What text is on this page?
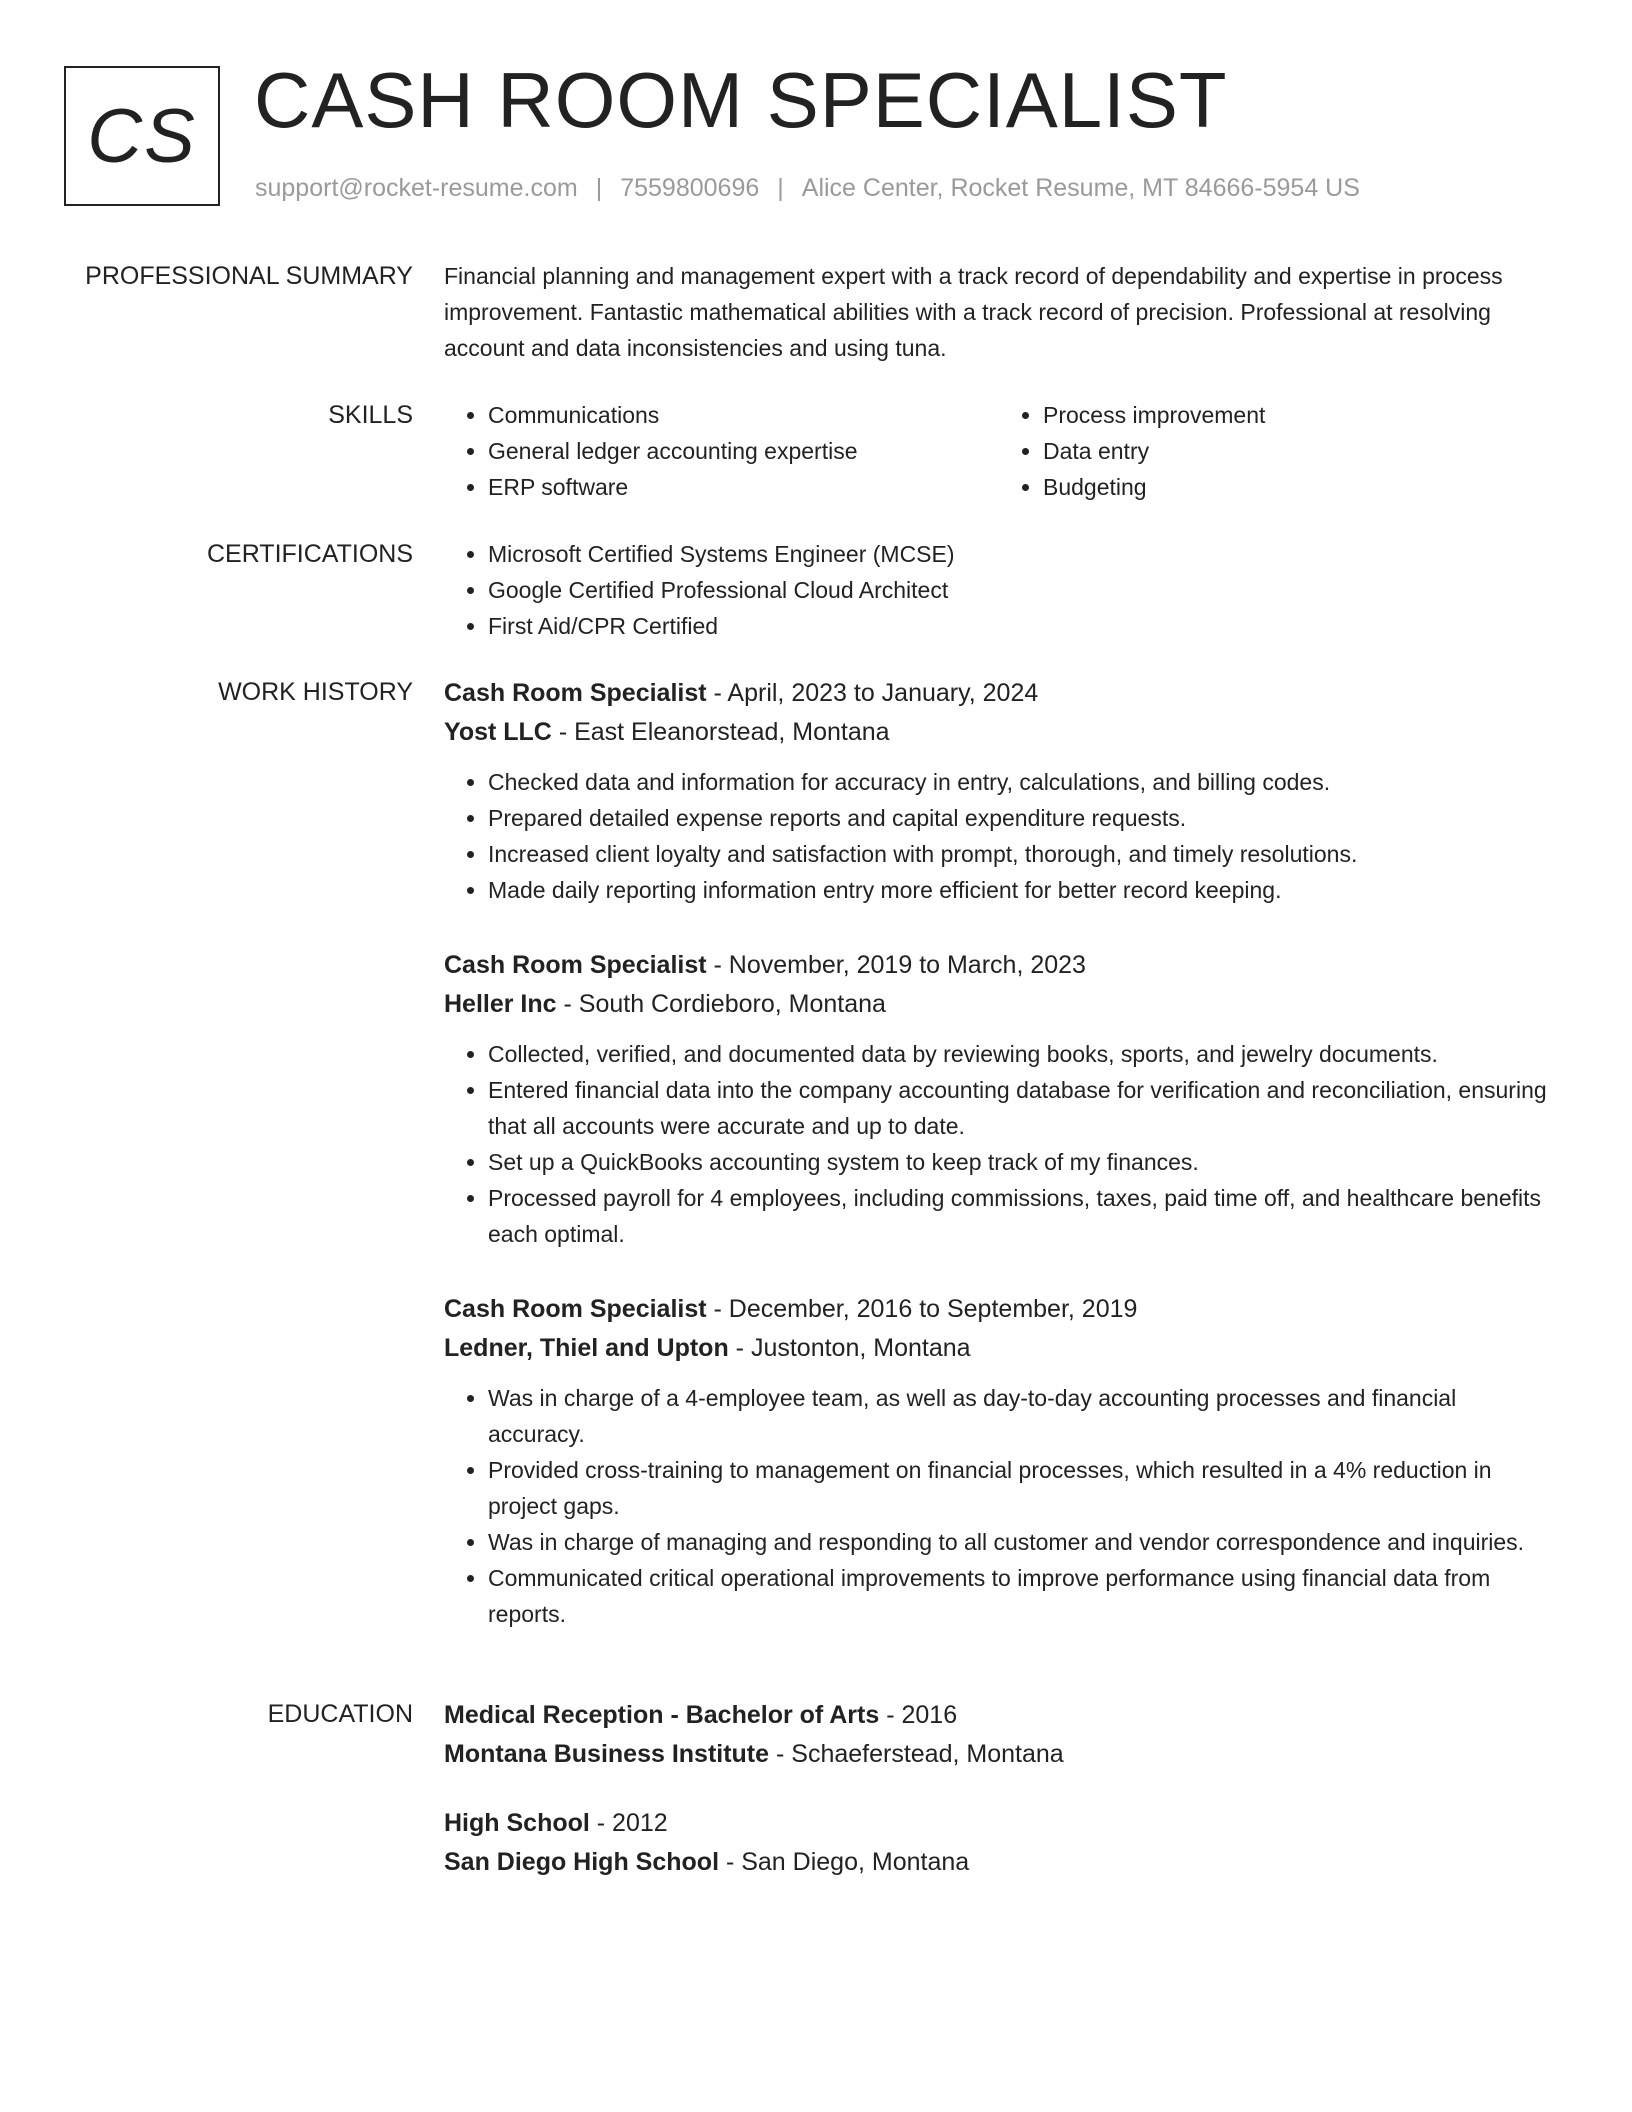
CS CASH ROOM SPECIALIST
support@rocket-resume.com | 7559800696 | Alice Center, Rocket Resume, MT 84666-5954 US
PROFESSIONAL SUMMARY Financial planning and management expert with a track record of dependability and expertise in process improvement. Fantastic mathematical abilities with a track record of precision. Professional at resolving account and data inconsistencies and using tuna.
SKILLS	• Communications
• General ledger accounting expertise
• ERP software
• Process improvement
• Data entry
• Budgeting
CERTIFICATIONS	• Microsoft Certified Systems Engineer (MCSE)
• Google Certified Professional Cloud Architect
• First Aid/CPR Certified
WORK HISTORY Cash Room Specialist - April, 2023 to January, 2024
Yost LLC - East Eleanorstead, Montana
• Checked data and information for accuracy in entry, calculations, and billing codes.
• Prepared detailed expense reports and capital expenditure requests.
• Increased client loyalty and satisfaction with prompt, thorough, and timely resolutions.
• Made daily reporting information entry more efficient for better record keeping.
Cash Room Specialist - November, 2019 to March, 2023
Heller Inc - South Cordieboro, Montana
• Collected, verified, and documented data by reviewing books, sports, and jewelry documents.
• Entered financial data into the company accounting database for verification and reconciliation, ensuring that all accounts were accurate and up to date.
• Set up a QuickBooks accounting system to keep track of my finances.
• Processed payroll for 4 employees, including commissions, taxes, paid time off, and healthcare benefits each optimal.
Cash Room Specialist - December, 2016 to September, 2019
Ledner, Thiel and Upton - Justonton, Montana
• Was in charge of a 4-employee team, as well as day-to-day accounting processes and financial accuracy.
• Provided cross-training to management on financial processes, which resulted in a 4% reduction in project gaps.
• Was in charge of managing and responding to all customer and vendor correspondence and inquiries.
• Communicated critical operational improvements to improve performance using financial data from reports.
EDUCATION Medical Reception - Bachelor of Arts - 2016
Montana Business Institute - Schaeferstead, Montana
High School - 2012
San Diego High School - San Diego, Montana
